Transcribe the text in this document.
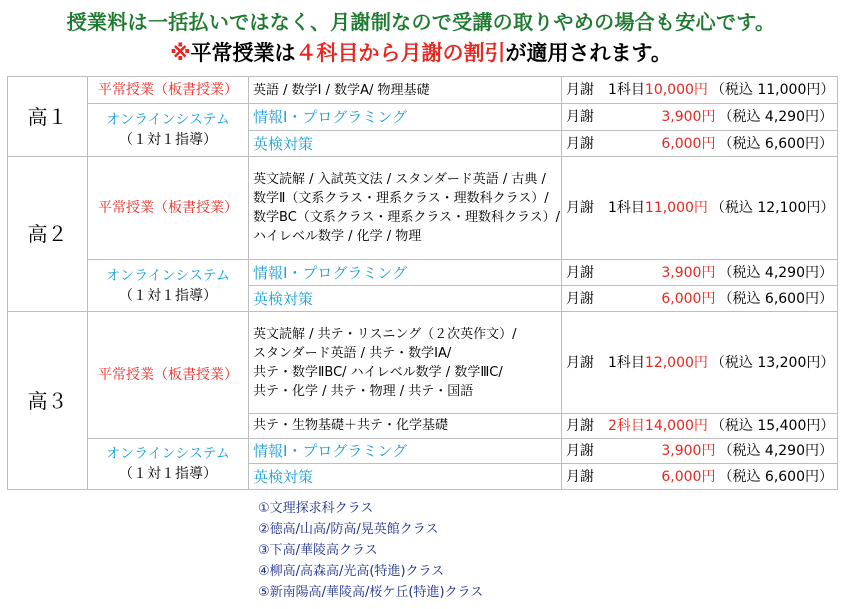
授業料は一括払いではなく、月謝制なので受講の取りやめの場合も安心です。
※平常授業は４科目から月謝の割引が適用されます。
高１	平常授業（板書授業）	英語 / 数学Ⅰ / 数学A/ 物理基礎	月謝　1科目 10,000円 （税込 11,000円）

	オンラインシステム
（１対１指導）	情報Ⅰ・プログラミング	月謝 3,900円 （税込 4,290円）

		英検対策	月謝 6,000円 （税込 6,600円）

高２	平常授業（板書授業）	英文読解 / 入試英文法 / スタンダード英語 / 古典 /
数学Ⅱ（文系クラス・理系クラス・理数科クラス）/
数学BC（文系クラス・理系クラス・理数科クラス）/
ハイレベル数学 / 化学 / 物理	月謝　1科目 11,000円 （税込 12,100円）

	オンラインシステム
（１対１指導）	情報Ⅰ・プログラミング	月謝 3,900円 （税込 4,290円）

		英検対策	月謝 6,000円 （税込 6,600円）

高３	平常授業（板書授業）	英文読解 / 共テ・リスニング（２次英作文）/
スタンダード英語 / 共テ・数学ⅠA/
共テ・数学ⅡBC/ ハイレベル数学 / 数学ⅢC/
共テ・化学 / 共テ・物理 / 共テ・国語	月謝　1科目 12,000円 （税込 13,200円）

		共テ・生物基礎＋共テ・化学基礎	月謝　2科目 14,000円 （税込 15,400円）

	オンラインシステム
（１対１指導）	情報Ⅰ・プログラミング	月謝 3,900円 （税込 4,290円）

		英検対策	月謝 6,000円 （税込 6,600円）
①文理探求科クラス
②徳高/山高/防高/晃英館クラス
③下高/華陵高クラス
④柳高/高森高/光高(特進)クラス
⑤新南陽高/華陵高/桜ケ丘(特進)クラス
